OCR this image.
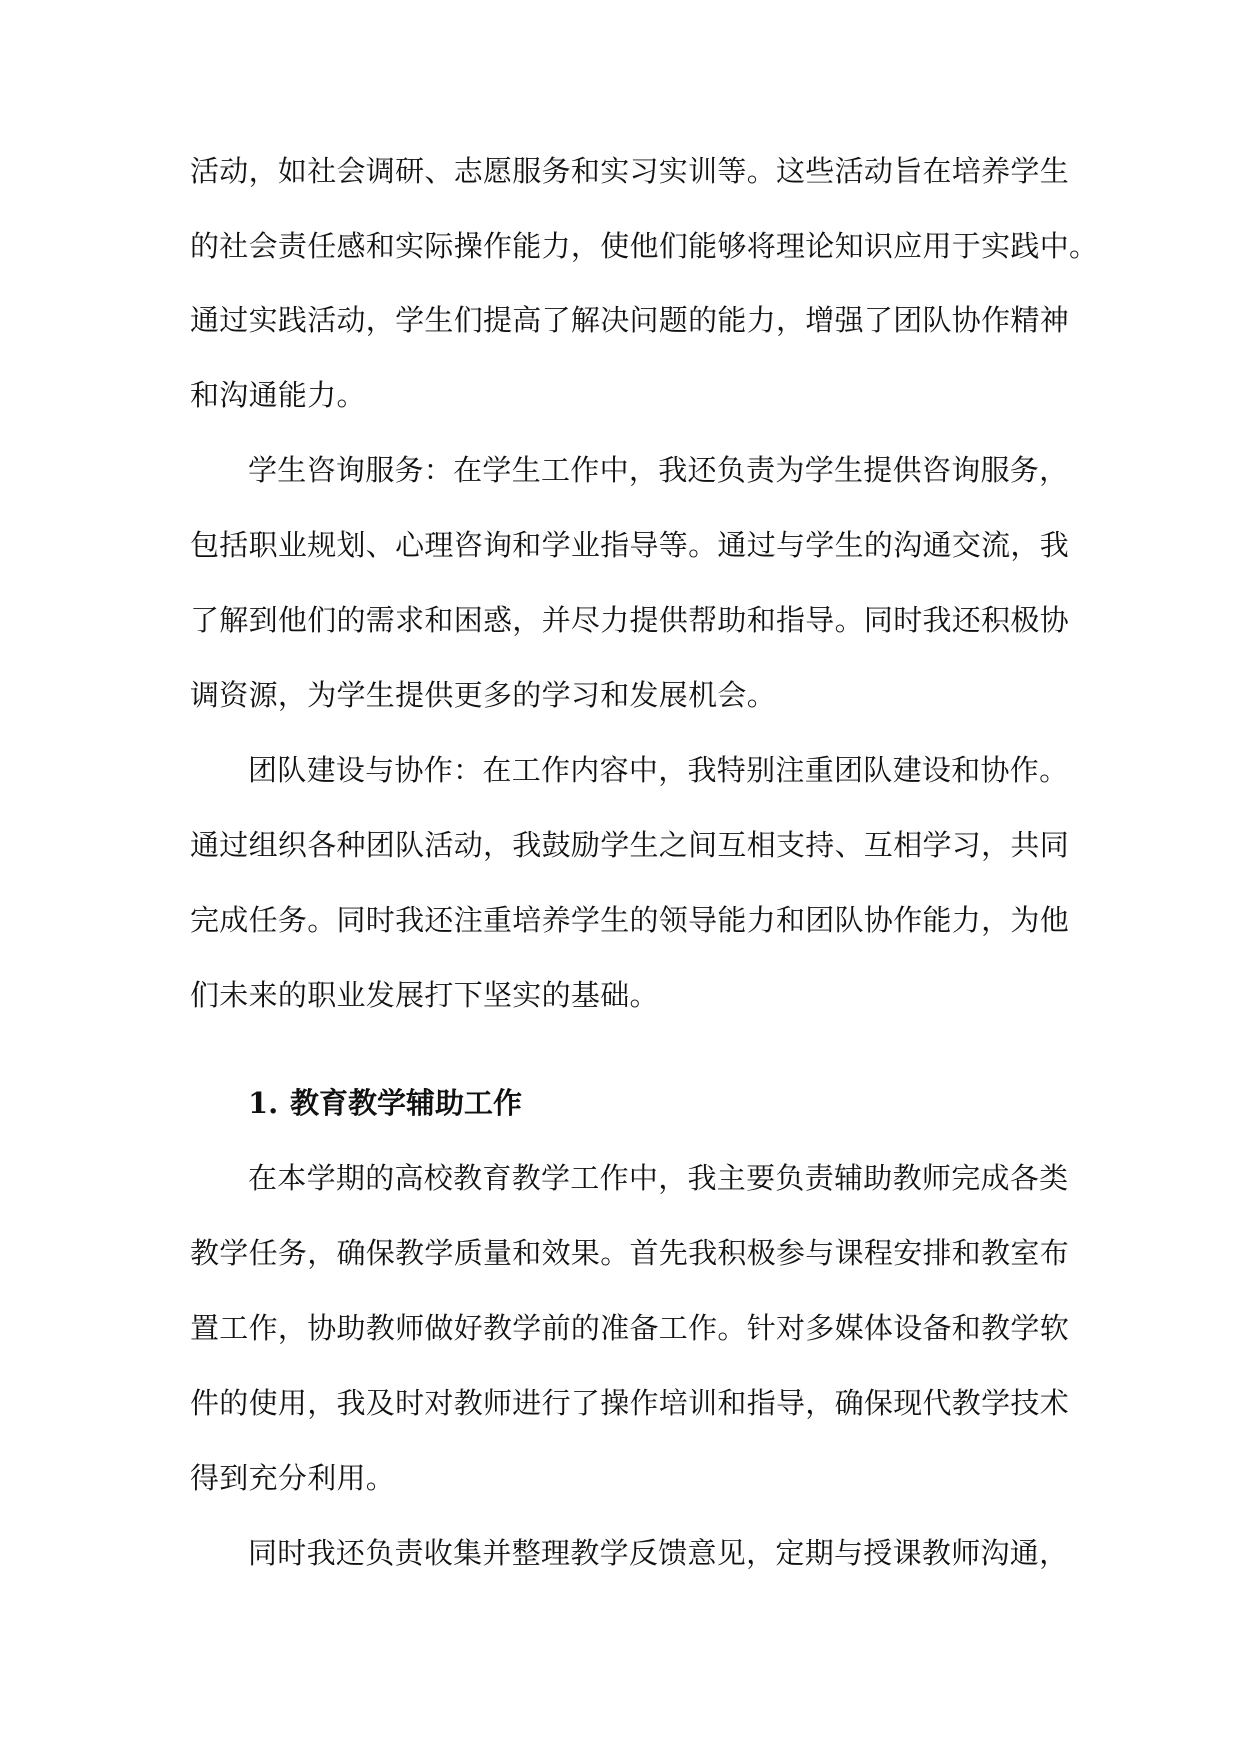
活动，如社会调研、志愿服务和实习实训等。这些活动旨在培养学生

的社会责任感和实际操作能力，使他们能够将理论知识应用于实践中。

通过实践活动，学生们提高了解决问题的能力，增强了团队协作精神

和沟通能力。

学生咨询服务：在学生工作中，我还负责为学生提供咨询服务，

包括职业规划、心理咨询和学业指导等。通过与学生的沟通交流，我

了解到他们的需求和困惑，并尽力提供帮助和指导。同时我还积极协

调资源，为学生提供更多的学习和发展机会。

团队建设与协作：在工作内容中，我特别注重团队建设和协作。

通过组织各种团队活动，我鼓励学生之间互相支持、互相学习，共同

完成任务。同时我还注重培养学生的领导能力和团队协作能力，为他

们未来的职业发展打下坚实的基础。

1. 教育教学辅助工作

在本学期的高校教育教学工作中，我主要负责辅助教师完成各类

教学任务，确保教学质量和效果。首先我积极参与课程安排和教室布

置工作，协助教师做好教学前的准备工作。针对多媒体设备和教学软

件的使用，我及时对教师进行了操作培训和指导，确保现代教学技术

得到充分利用。

同时我还负责收集并整理教学反馈意见，定期与授课教师沟通，
